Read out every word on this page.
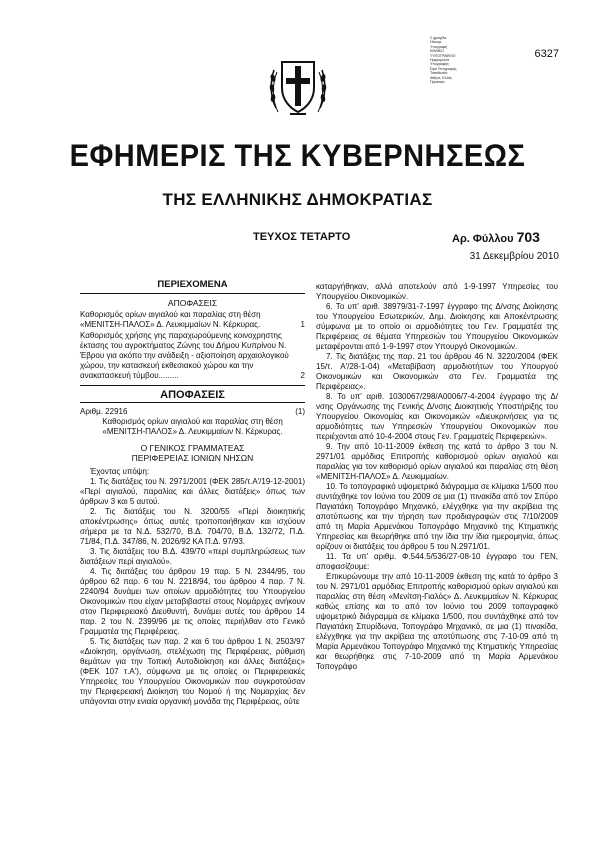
6327
Σ φραγίδα
Ηλεκτρ.
Υπογραφή
ΕΘΝΙΚΟ
ΤΥΠΟΓΡΑΦΕΙΟ
Ημερομηνία
Υπογραφής:
Ώρα Υπογραφής
Τοποθεσία:
Αθήνα, Ελλάς
Πρακτικό
ΕΦΗΜΕΡΙΣ ΤΗΣ ΚΥΒΕΡΝΗΣΕΩΣ
ΤΗΣ ΕΛΛΗΝΙΚΗΣ ΔΗΜΟΚΡΑΤΙΑΣ
ΤΕΥΧΟΣ ΤΕΤΑΡΤΟ	Αρ. Φύλλου 703
31 Δεκεμβρίου 2010
ΠΕΡΙΕΧΟΜΕΝΑ
ΑΠΟΦΑΣΕΙΣ
Καθορισμός ορίων αιγιαλού και παραλίας στη θέση «ΜΕΝΙΤΣΗ-ΠΑΛΟΣ» Δ. Λευκιμμαίων Ν. Κέρκυρας.	1
Καθορισμός χρήσης γης παραχωρούμενης κοινοχρηστης έκτασης του αγροκτήματος Ζώνης του Δήμου Κυπρίνου Ν. Έβρου για ακόπο την ανάδειξη - αξιοποίηση αρχαιολογικού χώρου, την κατασκευή εκθεσιακού χώρου και την ανακατασκευή τύμβου.........	2
ΑΠΟΦΑΣΕΙΣ
Αριθμ. 22916	(1)
Καθορισμός ορίων αιγιαλού και παραλίας στη θέση «ΜΕΝΙΤΣΗ-ΠΑΛΟΣ» Δ. Λευκιμμαίων Ν. Κέρκυρας.
Ο ΓΕΝΙΚΟΣ ΓΡΑΜΜΑΤΕΑΣ
ΠΕΡΙΦΕΡΕΙΑΣ ΙΟΝΙΩΝ ΝΗΣΩΝ

Έχοντας υπόψη:

1. Τις διατάξεις του Ν. 2971/2001 (ΦΕΚ 285/τ.Α'/19-12-2001) «Περί αιγιαλού, παραλίας και άλλες διατάξεις» όπως των άρθρων 3 και 5 αυτού.

2. Τις διατάξεις του Ν. 3200/55 «Περί διοικητικής αποκέντρωσης» όπως αυτές τροποποιήθηκαν και ισχύουν σήμερα με τα Ν.Δ. 532/70, Β.Δ. 704/70, Β.Δ. 132/72, Π.Δ. 71/84, Π.Δ. 347/86, Ν. 2026/92 ΚΑ Π.Δ. 97/93.

3. Τις διατάξεις του Β.Δ. 439/70 «περί συμπληρώσεως των διατάξεων περί αιγιαλού».

4. Τις διατάξεις του άρθρου 19 παρ. 5 Ν. 2344/95, του άρθρου 62 παρ. 6 του Ν. 2218/94, του άρθρου 4 παρ. 7 Ν. 2240/94 δυνάμει των οποίων αρμοδιότητες του Υπουργείου Οικονομικών που είχαν μεταβιβαστεί στους Νομάρχες ανήκουν στον Περιφερειακό Διευθυντή, δυνάμει αυτές του άρθρου 14 παρ. 2 του Ν. 2399/96 με τις οποίες περιήλθαν στο Γενικό Γραμματέα της Περιφέρειας.

5. Τις διατάξεις των παρ. 2 και 6 του άρθρου 1 Ν. 2503/97 «Διοίκηση, οργάνωση, στελέχωση της Περιφέρειας, ρύθμιση θεμάτων για την Τοπική Αυτοδιοίκηση και άλλες διατάξεις» (ΦΕΚ 107 τ.Α'), σύμφωνα με τις οποίες οι Περιφερειακές Υπηρεσίες του Υπουργείου Οικονομικών που συγκροτούσαν την Περιφερειακή Διοίκηση του Νομού ή της Νομαρχίας δεν υπάγονται στην ενιαία οργανική μονάδα της Περιφέρειας, ούτε

καταργήθηκαν, αλλά αποτελούν από 1-9-1997 Υπηρεσίες του Υπουργείου Οικονομικών.

6. Το υπ' αριθ. 38979/31-7-1997 έγγραφο της Δ/νσης Διοίκησης του Υπουργείου Εσωτερικών, Δημ. Διοίκησης και Αποκέντρωσης σύμφωνα με το οποίο οι αρμοδιότητες του Γεν. Γραμματέα της Περιφέρειας σε θέματα Υπηρεσιών του Υπουργείου Οικονομικών μεταφέρονται από 1-9-1997 στον Υπουργό Οικονομικών.

7. Τις διατάξεις της παρ. 21 του άρθρου 46 Ν. 3220/2004 (ΦΕΚ 15/τ. Α'/28-1-04) «Μεταβίβαση αρμοδιοτήτων του Υπουργού Οικονομικών και Οικονομικών στο Γεν. Γραμματέα της Περιφέρειας».

8. Το υπ' αριθ. 1030067/298/Α0006/7-4-2004 έγγραφο της Δ/νσης Οργάνωσης της Γενικής Δ/νσης Διοικητικής Υποστήριξης του Υπουργείου Οικονομίας και Οικονομικών «Διευκρινήσεις για τις αρμοδιότητες των Υπηρεσιών Υπουργείου Οικονομικών που περιέχονται από 10-4-2004 στους Γεν. Γραμματείς Περιφερειών».

9. Την από 10-11-2009 έκθεση της κατά το άρθρο 3 του Ν. 2971/01 αρμόδιας Επιτροπής καθορισμού ορίων αιγιαλού και παραλίας για τον καθορισμό ορίων αιγιαλού και παραλίας στη θέση «ΜΕΝΙΤΣΗ-ΠΑΛΟΣ» Δ. Λευκιμμαίων.

10. Το τοπογραφικό υψομετρικό διάγραμμα σε κλίμακα 1/500 που συντάχθηκε τον Ιούνιο του 2009 σε μια (1) πινακίδα από τον Σπύρο Παγιατάκη Τοπογράφο Μηχανικό, ελέγχθηκε για την ακρίβεια της αποτύπωσης και την τήρηση των προδιαγραφών στις 7/10/2009 από τη Μαρία Αρμενάκου Τοπογράφο Μηχανικό της Κτηματικής Υπηρεσίας και θεωρήθηκε από την ίδια την ίδια ημερομηνία, όπως ορίζουν οι διατάξεις του άρθρου 5 του Ν.2971/01.

11. Τα υπ' αριθμ. Φ.544.5/536/27-08-10 έγγραφο του ΓΕΝ, αποφασίζουμε:

Επικυρώνουμε την από 10-11-2009 έκθεση της κατά το άρθρο 3 του Ν. 2971/01 αρμόδιας Επιτροπής καθορισμού ορίων αιγιαλού και παραλίας στη θέση «Μενίτση-Γιαλός» Δ. Λευκιμμαίων Ν. Κέρκυρας καθώς επίσης και το από τον Ιούνιο του 2009 τοπογραφικό υψομετρικό διάγραμμα σε κλίμακα 1/500, που συντάχθηκε από τον Παγιατάκη Σπυρίδωνα, Τοπογράφο Μηχανικό, σε μια (1) πινακίδα, ελέγχθηκε για την ακρίβεια της αποτύπωσης στις 7-10-09 από τη Μαρία Αρμενάκου Τοπογράφο Μηχανικό της Κτηματικής Υπηρεσίας και θεωρήθηκε στις 7-10-2009 από τη Μαρία Αρμενάκου Τοπογράφο
